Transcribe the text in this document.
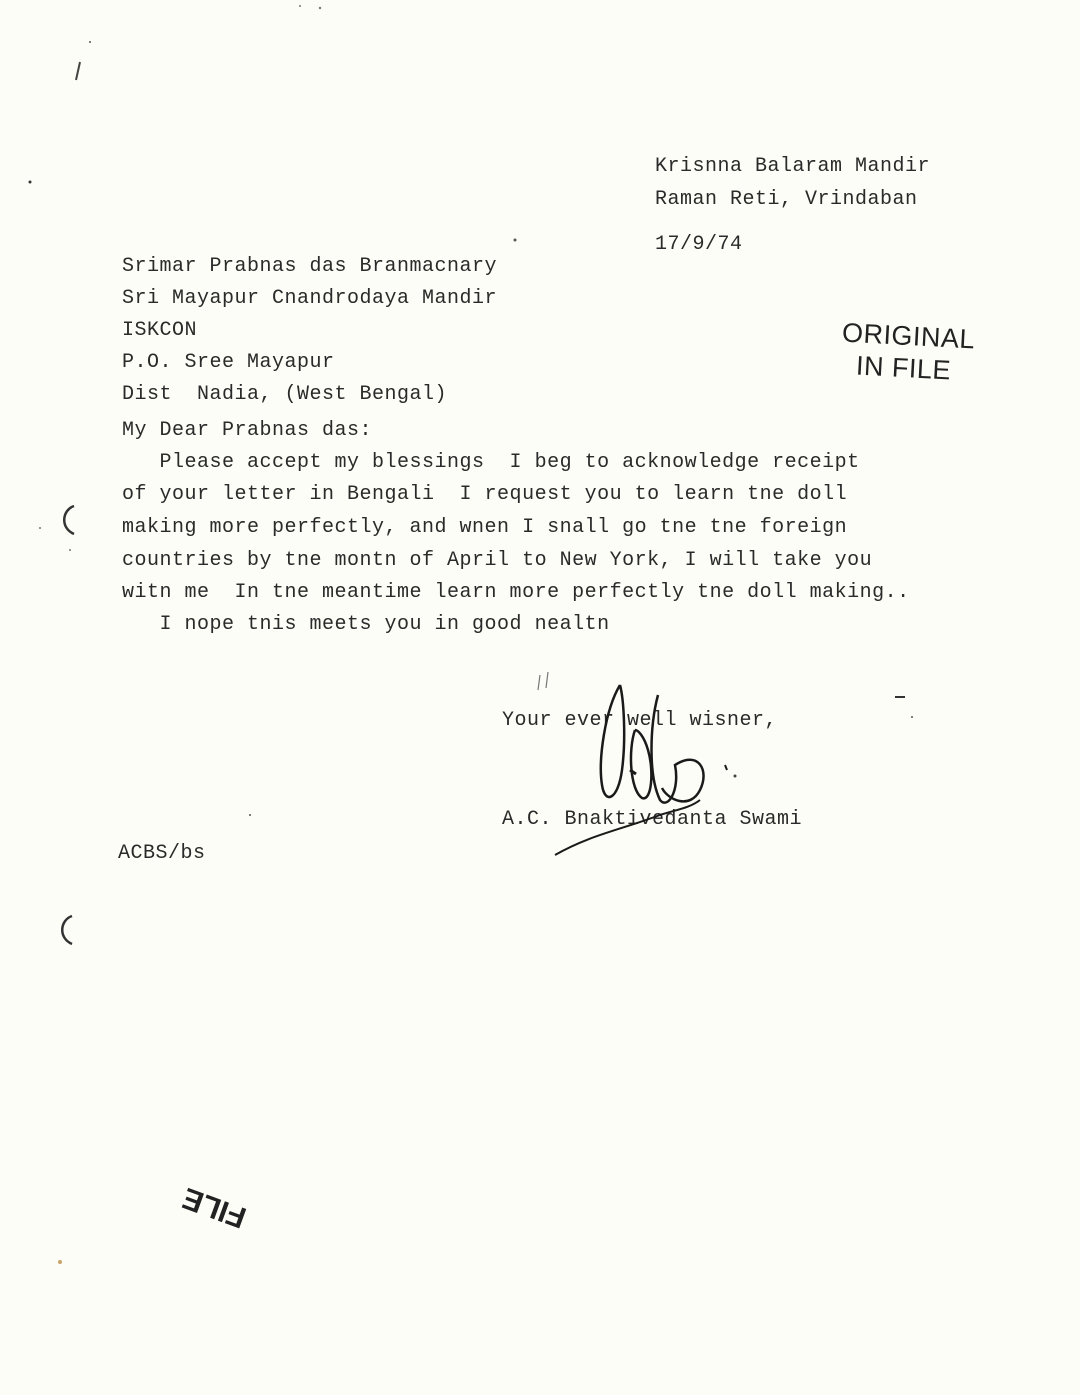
Krisnna Balaram Mandir
Raman Reti, Vrindaban
17/9/74
Srimar Prabnas das Branmacnary
Sri Mayapur Cnandrodaya Mandir
ISKCON
P.O. Sree Mayapur
Dist  Nadia, (West Bengal)
ORIGINAL
IN FILE
My Dear Prabnas das:
Please accept my blessings  I beg to acknowledge receipt
of your letter in Bengali  I request you to learn tne doll
making more perfectly, and wnen I snall go tne tne foreign
countries by tne montn of April to New York, I will take you
witn me  In tne meantime learn more perfectly tne doll making..
I nope tnis meets you in good nealtn
Your ever well wisner,
A.C. Bnaktivedanta Swami
ACBS/bs
FILE
